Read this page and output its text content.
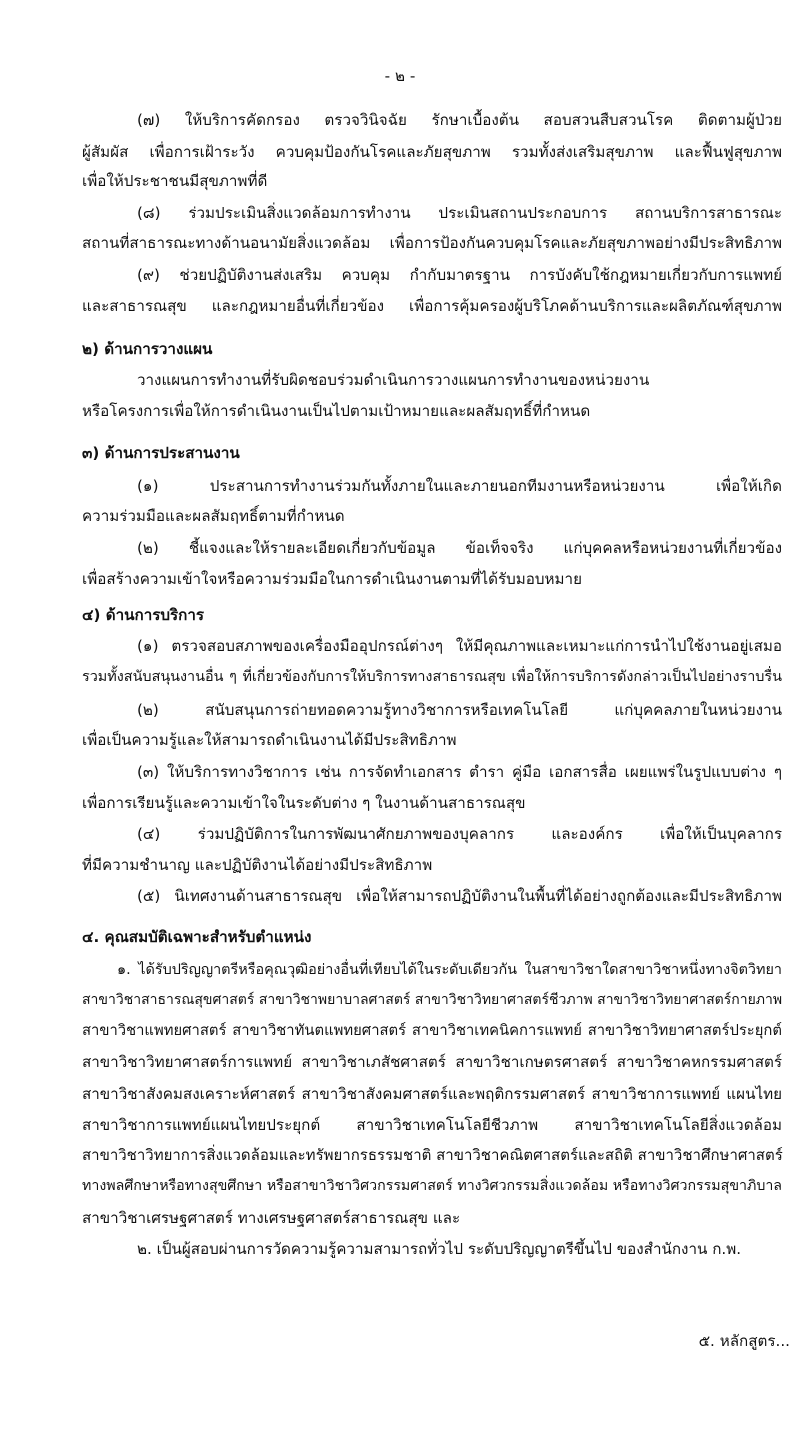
- ๒ -
(๗) ให้บริการคัดกรอง ตรวจวินิจฉัย รักษาเบื้องต้น สอบสวนสืบสวนโรค ติดตามผู้ป่วย
ผู้สัมผัส เพื่อการเฝ้าระวัง ควบคุมป้องกันโรคและภัยสุขภาพ รวมทั้งส่งเสริมสุขภาพ และฟื้นฟูสุขภาพ
เพื่อให้ประชาชนมีสุขภาพที่ดี
(๘) ร่วมประเมินสิ่งแวดล้อมการทำงาน ประเมินสถานประกอบการ สถานบริการสาธารณะ
สถานที่สาธารณะทางด้านอนามัยสิ่งแวดล้อม เพื่อการป้องกันควบคุมโรคและภัยสุขภาพอย่างมีประสิทธิภาพ
(๙) ช่วยปฏิบัติงานส่งเสริม ควบคุม กำกับมาตรฐาน การบังคับใช้กฎหมายเกี่ยวกับการแพทย์
และสาธารณสุข และกฎหมายอื่นที่เกี่ยวข้อง เพื่อการคุ้มครองผู้บริโภคด้านบริการและผลิตภัณฑ์สุขภาพ
๒) ด้านการวางแผน
วางแผนการทำงานที่รับผิดชอบร่วมดำเนินการวางแผนการทำงานของหน่วยงาน
หรือโครงการเพื่อให้การดำเนินงานเป็นไปตามเป้าหมายและผลสัมฤทธิ์ที่กำหนด
๓) ด้านการประสานงาน
(๑) ประสานการทำงานร่วมกันทั้งภายในและภายนอกทีมงานหรือหน่วยงาน เพื่อให้เกิด
ความร่วมมือและผลสัมฤทธิ์ตามที่กำหนด
(๒) ชี้แจงและให้รายละเอียดเกี่ยวกับข้อมูล ข้อเท็จจริง แก่บุคคลหรือหน่วยงานที่เกี่ยวข้อง
เพื่อสร้างความเข้าใจหรือความร่วมมือในการดำเนินงานตามที่ได้รับมอบหมาย
๔) ด้านการบริการ
(๑) ตรวจสอบสภาพของเครื่องมืออุปกรณ์ต่างๆ ให้มีคุณภาพและเหมาะแก่การนำไปใช้งานอยู่เสมอ
รวมทั้งสนับสนุนงานอื่น ๆ ที่เกี่ยวข้องกับการให้บริการทางสาธารณสุข เพื่อให้การบริการดังกล่าวเป็นไปอย่างราบรื่น
(๒) สนับสนุนการถ่ายทอดความรู้ทางวิชาการหรือเทคโนโลยี แก่บุคคลภายในหน่วยงาน
เพื่อเป็นความรู้และให้สามารถดำเนินงานได้มีประสิทธิภาพ
(๓) ให้บริการทางวิชาการ เช่น การจัดทำเอกสาร ตำรา คู่มือ เอกสารสื่อ เผยแพร่ในรูปแบบต่าง ๆ
เพื่อการเรียนรู้และความเข้าใจในระดับต่าง ๆ ในงานด้านสาธารณสุข
(๔) ร่วมปฏิบัติการในการพัฒนาศักยภาพของบุคลากร และองค์กร เพื่อให้เป็นบุคลากร
ที่มีความชำนาญ และปฏิบัติงานได้อย่างมีประสิทธิภาพ
(๕) นิเทศงานด้านสาธารณสุข เพื่อให้สามารถปฏิบัติงานในพื้นที่ได้อย่างถูกต้องและมีประสิทธิภาพ
๔. คุณสมบัติเฉพาะสำหรับตำแหน่ง
๑. ได้รับปริญญาตรีหรือคุณวุฒิอย่างอื่นที่เทียบได้ในระดับเดียวกัน ในสาขาวิชาใดสาขาวิชาหนึ่งทางจิตวิทยา
สาขาวิชาสาธารณสุขศาสตร์ สาขาวิชาพยาบาลศาสตร์ สาขาวิชาวิทยาศาสตร์ชีวภาพ สาขาวิชาวิทยาศาสตร์กายภาพ
สาขาวิชาแพทยศาสตร์ สาขาวิชาทันตแพทยศาสตร์ สาขาวิชาเทคนิคการแพทย์ สาขาวิชาวิทยาศาสตร์ประยุกต์
สาขาวิชาวิทยาศาสตร์การแพทย์ สาขาวิชาเภสัชศาสตร์ สาขาวิชาเกษตรศาสตร์ สาขาวิชาคหกรรมศาสตร์
สาขาวิชาสังคมสงเคราะห์ศาสตร์ สาขาวิชาสังคมศาสตร์และพฤติกรรมศาสตร์ สาขาวิชาการแพทย์ แผนไทย
สาขาวิชาการแพทย์แผนไทยประยุกต์ สาขาวิชาเทคโนโลยีชีวภาพ สาขาวิชาเทคโนโลยีสิ่งแวดล้อม
สาขาวิชาวิทยาการสิ่งแวดล้อมและทรัพยากรธรรมชาติ สาขาวิชาคณิตศาสตร์และสถิติ สาขาวิชาศึกษาศาสตร์
ทางพลศึกษาหรือทางสุขศึกษา หรือสาขาวิชาวิศวกรรมศาสตร์ ทางวิศวกรรมสิ่งแวดล้อม หรือทางวิศวกรรมสุขาภิบาล
สาขาวิชาเศรษฐศาสตร์ ทางเศรษฐศาสตร์สาธารณสุข และ
๒. เป็นผู้สอบผ่านการวัดความรู้ความสามารถทั่วไป ระดับปริญญาตรีขึ้นไป ของสำนักงาน ก.พ.
๕. หลักสูตร...
